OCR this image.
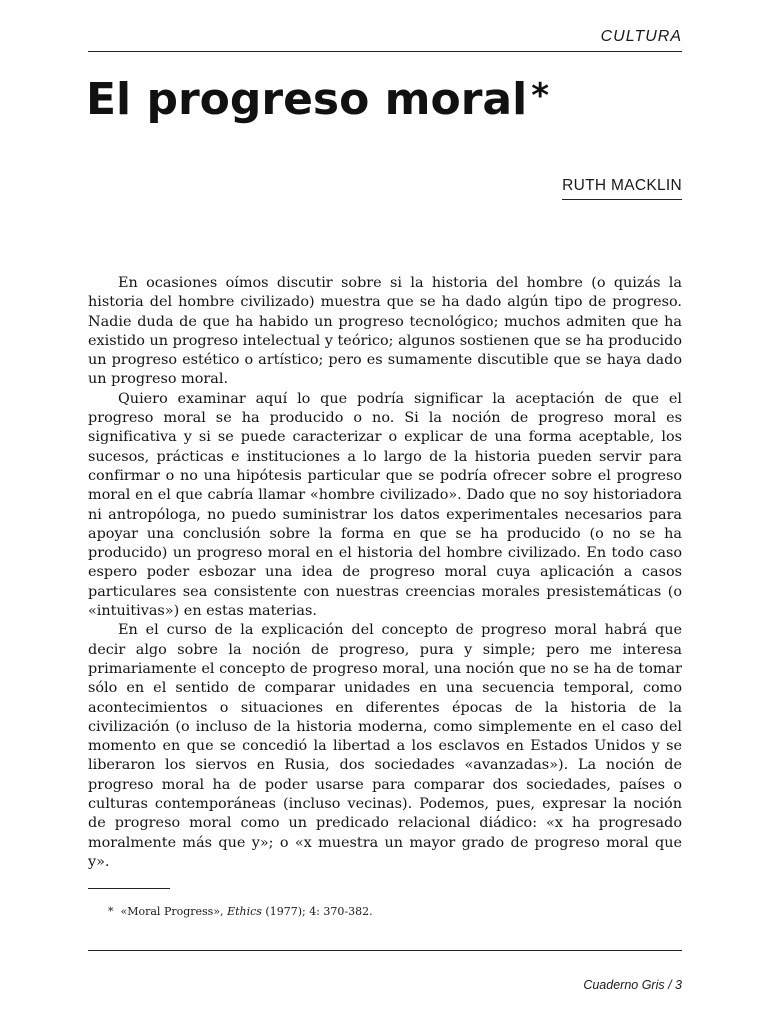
CULTURA
El progreso moral *
RUTH MACKLIN

En ocasiones oímos discutir sobre si la historia del hombre (o quizás la historia del hombre civilizado) muestra que se ha dado algún tipo de progreso. Nadie duda de que ha habido un progreso tecnológico; muchos admiten que ha existido un progreso intelectual y teórico; algunos sostienen que se ha producido un progreso estético o artístico; pero es sumamente discutible que se haya dado un progreso moral.

Quiero examinar aquí lo que podría significar la aceptación de que el progreso moral se ha producido o no. Si la noción de progreso moral es significativa y si se puede caracterizar o explicar de una forma aceptable, los sucesos, prácticas e instituciones a lo largo de la historia pueden servir para confirmar o no una hipótesis particular que se podría ofrecer sobre el progreso moral en el que cabría llamar «hombre civilizado». Dado que no soy historiadora ni antropóloga, no puedo suministrar los datos experimentales necesarios para apoyar una conclusión sobre la forma en que se ha producido (o no se ha producido) un progreso moral en el historia del hombre civilizado. En todo caso espero poder esbozar una idea de progreso moral cuya aplicación a casos particulares sea consistente con nuestras creencias morales presistemáticas (o «intuitivas») en estas materias.

En el curso de la explicación del concepto de progreso moral habrá que decir algo sobre la noción de progreso, pura y simple; pero me interesa primariamente el concepto de progreso moral, una noción que no se ha de tomar sólo en el sentido de comparar unidades en una secuencia temporal, como acontecimientos o situaciones en diferentes épocas de la historia de la civilización (o incluso de la historia moderna, como simplemente en el caso del momento en que se concedió la libertad a los esclavos en Estados Unidos y se liberaron los siervos en Rusia, dos sociedades «avanzadas»). La noción de progreso moral ha de poder usarse para comparar dos sociedades, países o culturas contemporáneas (incluso vecinas). Podemos, pues, expresar la noción de progreso moral como un predicado relacional diádico: «x ha progresado moralmente más que y»; o «x muestra un mayor grado de progreso moral que y».

* «Moral Progress», Ethics (1977); 4: 370-382.
Cuaderno Gris / 3
